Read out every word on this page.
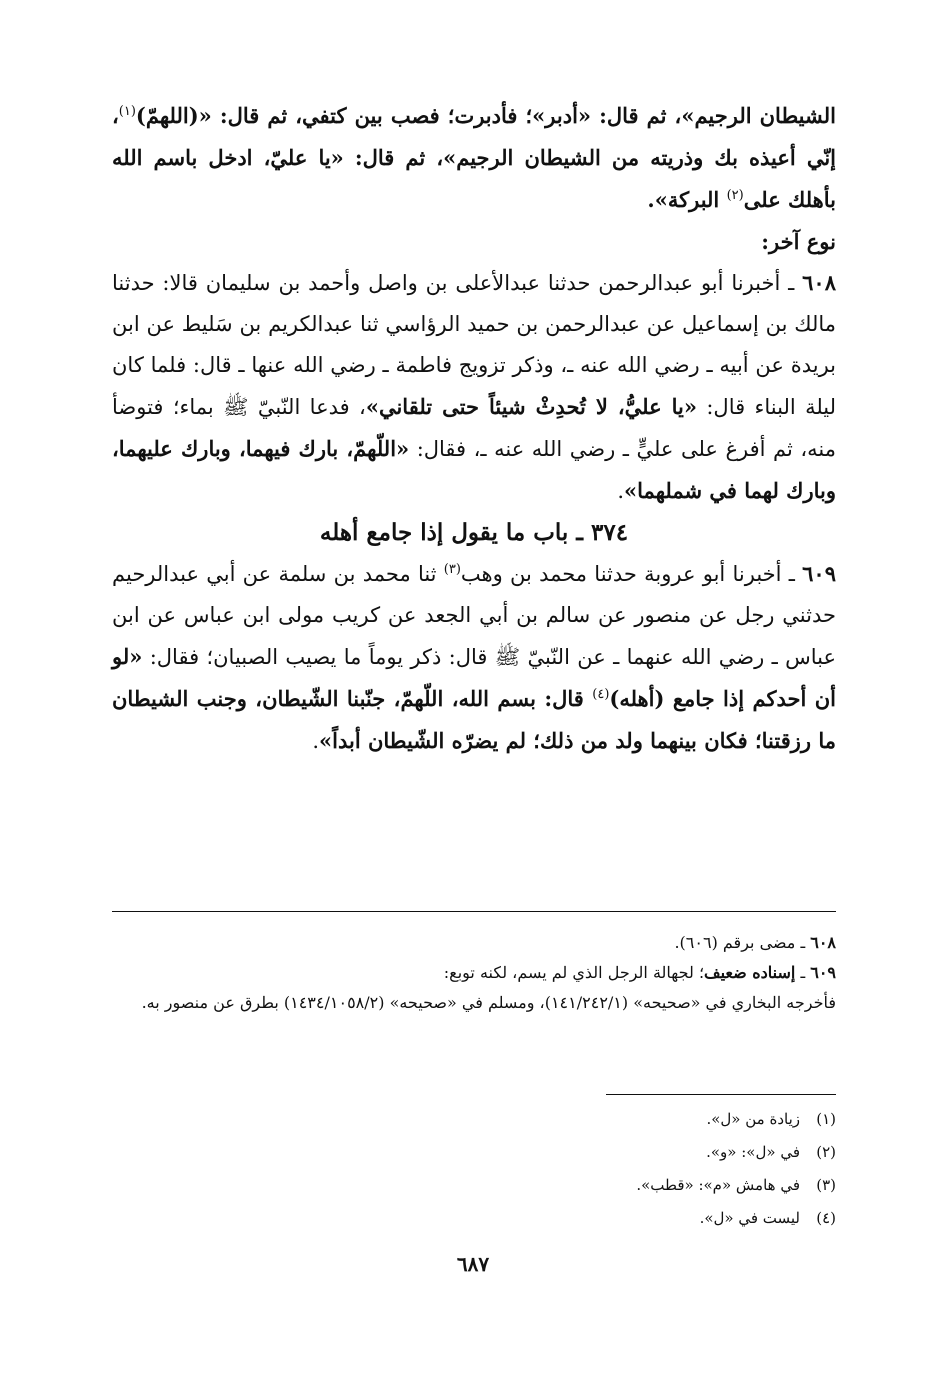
الشيطان الرجيم»، ثم قال: «أدبر»؛ فأدبرت؛ فصب بين كتفي، ثم قال: «(اللهمّ)$^{(١)}$، إنّي أعيذه بك وذريته من الشيطان الرجيم»، ثم قال: «يا عليّ، ادخل باسم الله بأهلك على$^{(٢)}$ البركة».

نوع آخر:

٦٠٨ ـ أخبرنا أبو عبدالرحمن حدثنا عبدالأعلى بن واصل وأحمد بن سليمان قالا: حدثنا مالك بن إسماعيل عن عبدالرحمن بن حميد الرؤاسي ثنا عبدالكريم بن سَليط عن ابن بريدة عن أبيه ـ رضي الله عنه ـ، وذكر تزويج فاطمة ـ رضي الله عنها ـ قال: فلما كان ليلة البناء قال: «يا عليُّ، لا تُحدِثْ شيئاً حتى تلقاني»، فدعا النّبيّ ﷺ بماء؛ فتوضأ منه، ثم أفرغ على عليٍّ ـ رضي الله عنه ـ، فقال: «اللّهمّ، بارك فيهما، وبارك عليهما، وبارك لهما في شملهما».

٣٧٤ ـ باب ما يقول إذا جامع أهله

٦٠٩ ـ أخبرنا أبو عروبة حدثنا محمد بن وهب$^{(٣)}$ ثنا محمد بن سلمة عن أبي عبدالرحيم حدثني رجل عن منصور عن سالم بن أبي الجعد عن كريب مولى ابن عباس عن ابن عباس ـ رضي الله عنهما ـ عن النّبيّ ﷺ قال: ذكر يوماً ما يصيب الصبيان؛ فقال: «لو أن أحدكم إذا جامع (أهله)$^{(٤)}$ قال: بسم الله، اللّهمّ، جنّبنا الشّيطان، وجنب الشيطان ما رزقتنا؛ فكان بينهما ولد من ذلك؛ لم يضرّه الشّيطان أبداً».

٦٠٨ ـ مضى برقم (٦٠٦).

٦٠٩ ـ إسناده ضعيف؛ لجهالة الرجل الذي لم يسم، لكنه توبع:

فأخرجه البخاري في «صحيحه» (١٤١/٢٤٢/١)، ومسلم في «صحيحه» (١٤٣٤/١٠٥٨/٢) بطرق عن منصور به.

(١)زيادة من «ل».

(٢)في «ل»: «و».

(٣)في هامش «م»: «قطب».

(٤)ليست في «ل».

٦٨٧
